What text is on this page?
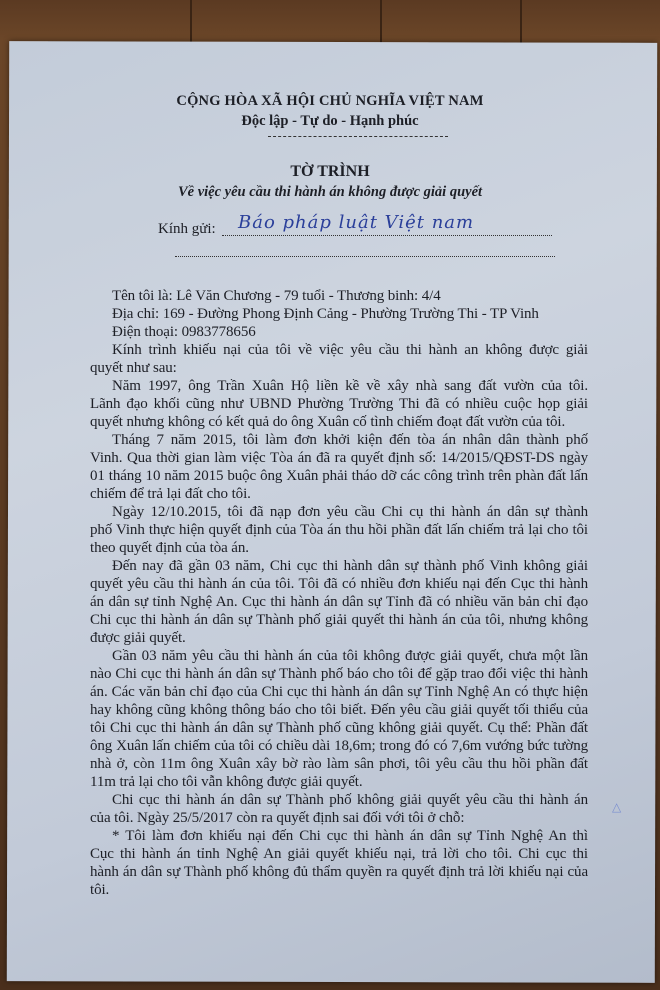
CỘNG HÒA XÃ HỘI CHỦ NGHĨA VIỆT NAM
Độc lập - Tự do - Hạnh phúc
TỜ TRÌNH
Về việc yêu cầu thi hành án không được giải quyết
Kính gửi: Báo pháp luật Việt nam
Tên tôi là: Lê Văn Chương - 79 tuổi - Thương binh: 4/4
Địa chỉ: 169 - Đường Phong Định Cảng - Phường Trường Thi - TP Vinh
Điện thoại: 0983778656
Kính trình khiếu nại của tôi về việc yêu cầu thi hành an không được giải
quyết như sau:
Năm 1997, ông Trần Xuân Hộ liền kề về xây nhà sang đất vườn của tôi.
Lãnh đạo khối cũng như UBND Phường Trường Thi đã có nhiều cuộc họp giải
quyết nhưng không có kết quả do ông Xuân cố tình chiếm đoạt đất vườn của tôi.
Tháng 7 năm 2015, tôi làm đơn khởi kiện đến tòa án nhân dân thành phố
Vinh. Qua thời gian làm việc Tòa án đã ra quyết định số: 14/2015/QĐST-DS ngày
01 tháng 10 năm 2015 buộc ông Xuân phải tháo dỡ các công trình trên phàn đất lấn
chiếm để trả lại đất cho tôi.
Ngày 12/10.2015, tôi đã nạp đơn yêu cầu Chi cụ thi hành án dân sự thành
phố Vinh thực hiện quyết định của Tòa án thu hồi phần đất lấn chiếm trả lại cho tôi
theo quyết định của tòa án.
Đến nay đã gần 03 năm, Chi cục thi hành dân sự thành phố Vinh không giải
quyết yêu cầu thi hành án của tôi. Tôi đã có nhiều đơn khiếu nại đến Cục thi hành
án dân sự tỉnh Nghệ An. Cục thi hành án dân sự Tỉnh đã có nhiều văn bản chỉ đạo
Chi cục thi hành án dân sự Thành phố giải quyết thi hành án của tôi, nhưng không
được giải quyết.
Gần 03 năm yêu cầu thi hành án của tôi không được giải quyết, chưa một lần
nào Chi cục thi hành án dân sự Thành phố báo cho tôi để gặp trao đổi việc thi hành
án. Các văn bản chỉ đạo của Chi cục thi hành án dân sự Tỉnh Nghệ An có thực hiện
hay không cũng không thông báo cho tôi biết. Đến yêu cầu giải quyết tối thiểu của
tôi Chi cục thi hành án dân sự Thành phố cũng không giải quyết. Cụ thể: Phần đất
ông Xuân lấn chiếm của tôi có chiều dài 18,6m; trong đó có 7,6m vướng bức tường
nhà ở, còn 11m ông Xuân xây bờ rào làm sân phơi, tôi yêu cầu thu hồi phần đất
11m trả lại cho tôi vẫn không được giải quyết.
Chi cục thi hành án dân sự Thành phố không giải quyết yêu cầu thi hành án
của tôi. Ngày 25/5/2017 còn ra quyết định sai đối với tôi ở chỗ:
* Tôi làm đơn khiếu nại đến Chi cục thi hành án dân sự Tỉnh Nghệ An thì
Cục thi hành án tỉnh Nghệ An giải quyết khiếu nại, trả lời cho tôi. Chi cục thi
hành án dân sự Thành phố không đủ thẩm quyền ra quyết định trả lời khiếu nại của
tôi.
△
